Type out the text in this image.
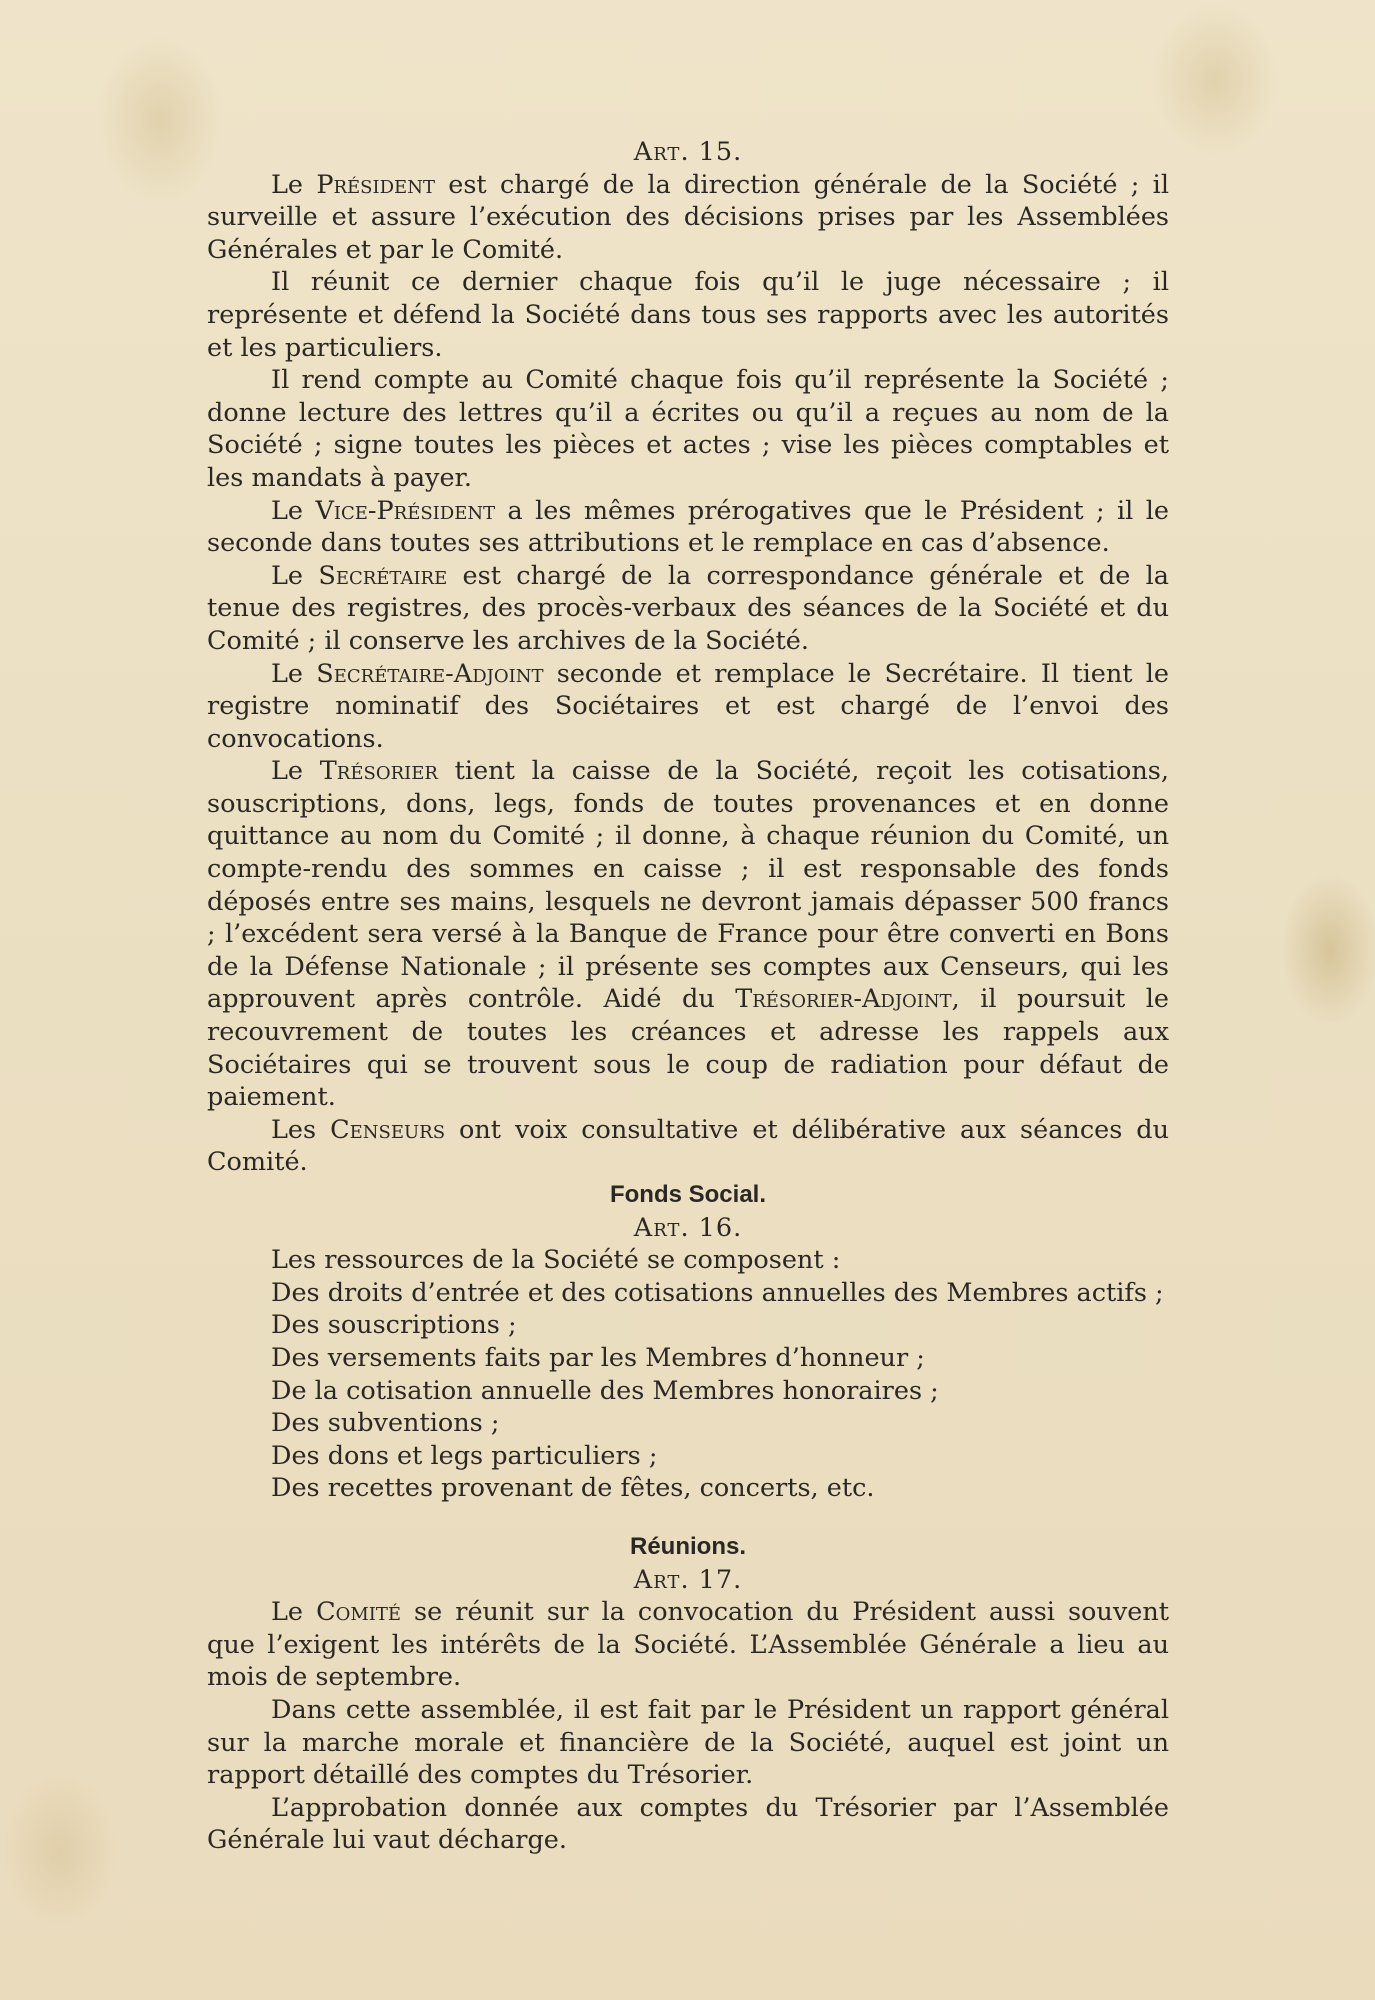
Art. 15.

Le Président est chargé de la direction générale de la Société ; il surveille et assure l’exécution des décisions prises par les Assemblées Générales et par le Comité.

Il réunit ce dernier chaque fois qu’il le juge nécessaire ; il représente et défend la Société dans tous ses rapports avec les autorités et les particuliers.

Il rend compte au Comité chaque fois qu’il représente la Société ; donne lecture des lettres qu’il a écrites ou qu’il a reçues au nom de la Société ; signe toutes les pièces et actes ; vise les pièces comptables et les mandats à payer.

Le Vice-Président a les mêmes prérogatives que le Président ; il le seconde dans toutes ses attributions et le remplace en cas d’absence.

Le Secrétaire est chargé de la correspondance générale et de la tenue des registres, des procès-verbaux des séances de la Société et du Comité ; il conserve les archives de la Société.

Le Secrétaire-Adjoint seconde et remplace le Secrétaire. Il tient le registre nominatif des Sociétaires et est chargé de l’envoi des convocations.

Le Trésorier tient la caisse de la Société, reçoit les cotisations, souscriptions, dons, legs, fonds de toutes provenances et en donne quittance au nom du Comité ; il donne, à chaque réunion du Comité, un compte-rendu des sommes en caisse ; il est responsable des fonds déposés entre ses mains, lesquels ne devront jamais dépasser 500 francs ; l’excédent sera versé à la Banque de France pour être converti en Bons de la Défense Nationale ; il présente ses comptes aux Censeurs, qui les approuvent après contrôle. Aidé du Trésorier-Adjoint, il poursuit le recouvrement de toutes les créances et adresse les rappels aux Sociétaires qui se trouvent sous le coup de radiation pour défaut de paiement.

Les Censeurs ont voix consultative et délibérative aux séances du Comité.

Fonds Social.
Art. 16.
Les ressources de la Société se composent :
Des droits d’entrée et des cotisations annuelles des Membres actifs ;
Des souscriptions ;
Des versements faits par les Membres d’honneur ;
De la cotisation annuelle des Membres honoraires ;
Des subventions ;
Des dons et legs particuliers ;
Des recettes provenant de fêtes, concerts, etc.
Réunions.
Art. 17.

Le Comité se réunit sur la convocation du Président aussi souvent que l’exigent les intérêts de la Société. L’Assemblée Générale a lieu au mois de septembre.

Dans cette assemblée, il est fait par le Président un rapport général sur la marche morale et financière de la Société, auquel est joint un rapport détaillé des comptes du Trésorier.

L’approbation donnée aux comptes du Trésorier par l’Assemblée Générale lui vaut décharge.
